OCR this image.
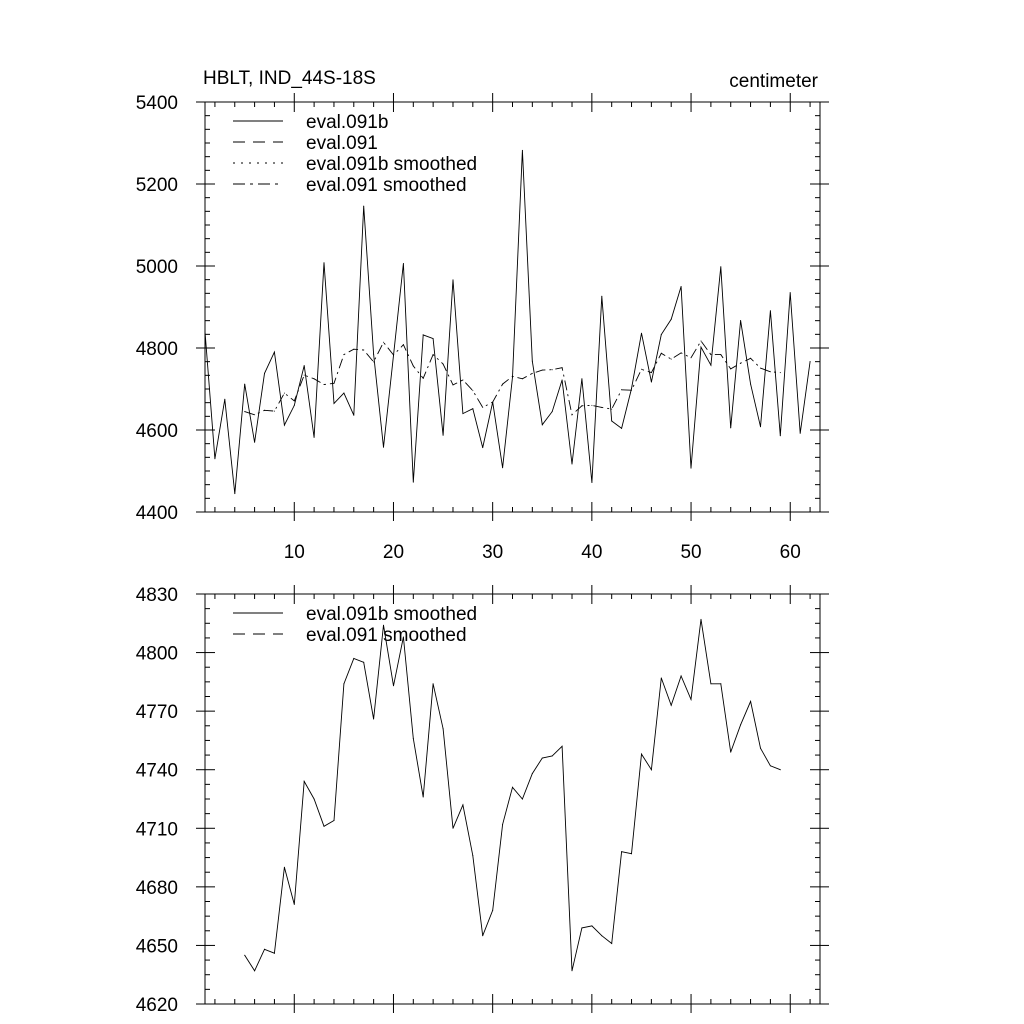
HBLT, IND_44S-18S	centimeter
10	20	30	40	50	60
4400
4600
4800
5000
5200
5400
eval.091b
eval.091
eval.091b smoothed
eval.091 smoothed
4620
4650
4680
4710
4740
4770
4800
4830
eval.091b smoothed
eval.091 smoothed
